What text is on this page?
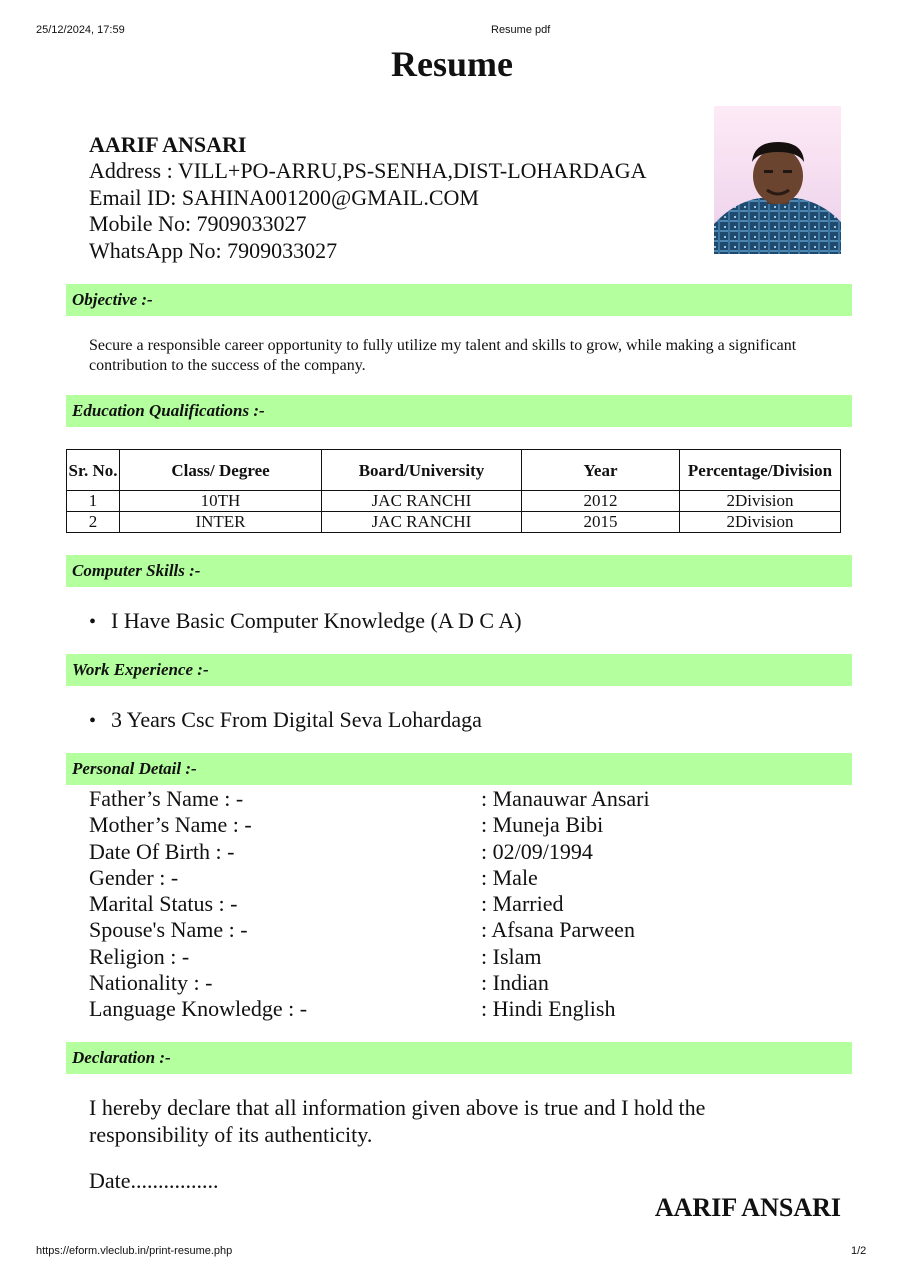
25/12/2024, 17:59	Resume pdf
Resume
AARIF ANSARI
Address : VILL+PO-ARRU,PS-SENHA,DIST-LOHARDAGA
Email ID: SAHINA001200@GMAIL.COM
Mobile No: 7909033027
WhatsApp No: 7909033027
Objective :-
Secure a responsible career opportunity to fully utilize my talent and skills to grow, while making a significant contribution to the success of the company.
Education Qualifications :-
Sr. No.	Class/ Degree	Board/University	Year	Percentage/Division
1	10TH	JAC RANCHI	2012	2Division
2	INTER	JAC RANCHI	2015	2Division
Computer Skills :-
• I Have Basic Computer Knowledge (A D C A)
Work Experience :-
• 3 Years Csc From Digital Seva Lohardaga
Personal Detail :-
Father’s Name : -	: Manauwar Ansari
Mother’s Name : -	: Muneja Bibi
Date Of Birth : -	: 02/09/1994
Gender : -	: Male
Marital Status : -	: Married
Spouse's Name : -	: Afsana Parween
Religion : -	: Islam
Nationality : -	: Indian
Language Knowledge : -	: Hindi English
Declaration :-
I hereby declare that all information given above is true and I hold the responsibility of its authenticity.
Date................
AARIF ANSARI
https://eform.vleclub.in/print-resume.php	1/2
